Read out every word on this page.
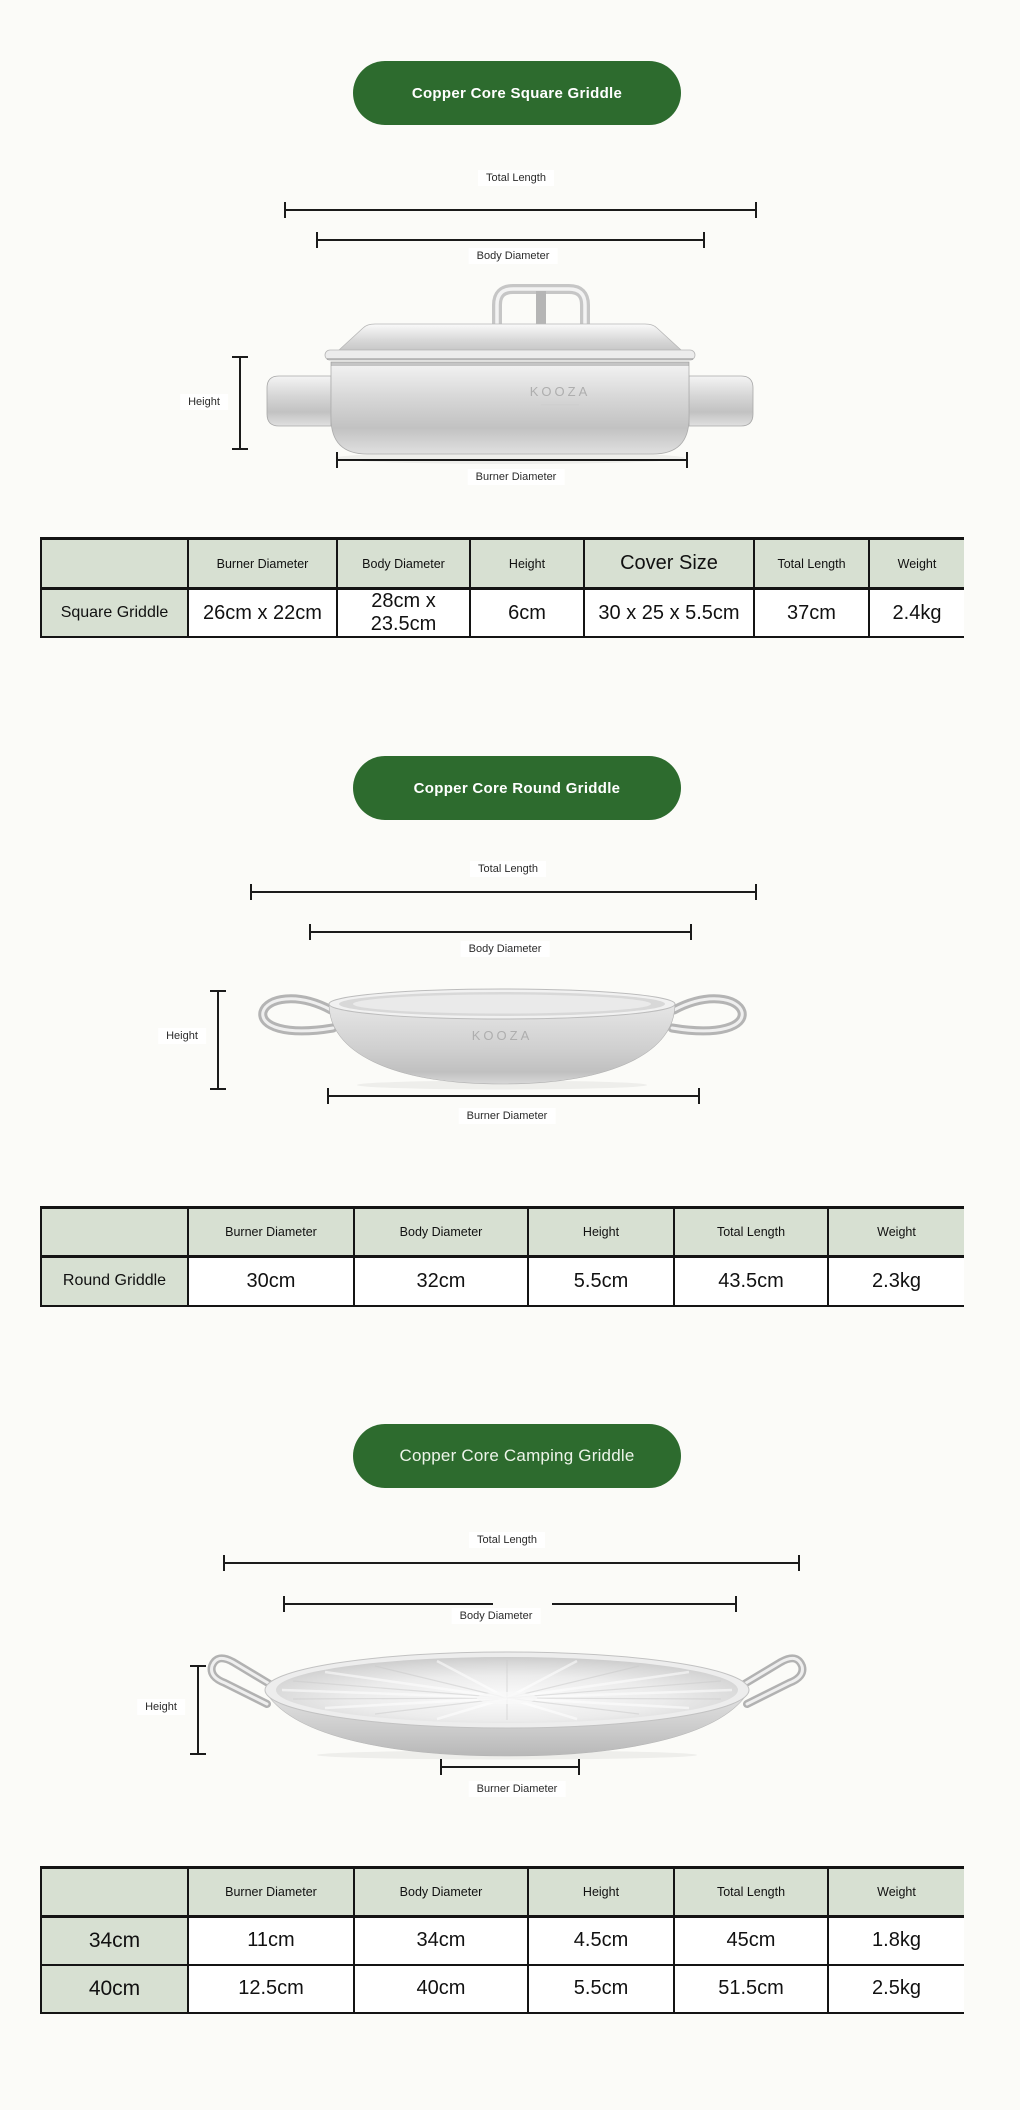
Copper Core Square Griddle
Total Length
Body Diameter
Height
Burner Diameter
KOOZA
	Burner Diameter	Body Diameter	Height	Cover Size	Total Length	Weight
Square Griddle	26cm x 22cm	28cm x 23.5cm	6cm	30 x 25 x 5.5cm	37cm	2.4kg
Copper Core Round Griddle
Total Length
Body Diameter
Height
Burner Diameter
KOOZA
	Burner Diameter	Body Diameter	Height	Total Length	Weight
Round Griddle	30cm	32cm	5.5cm	43.5cm	2.3kg
Copper Core Camping Griddle
Total Length
Body Diameter
Height
Burner Diameter
	Burner Diameter	Body Diameter	Height	Total Length	Weight
34cm	11cm	34cm	4.5cm	45cm	1.8kg
40cm	12.5cm	40cm	5.5cm	51.5cm	2.5kg
